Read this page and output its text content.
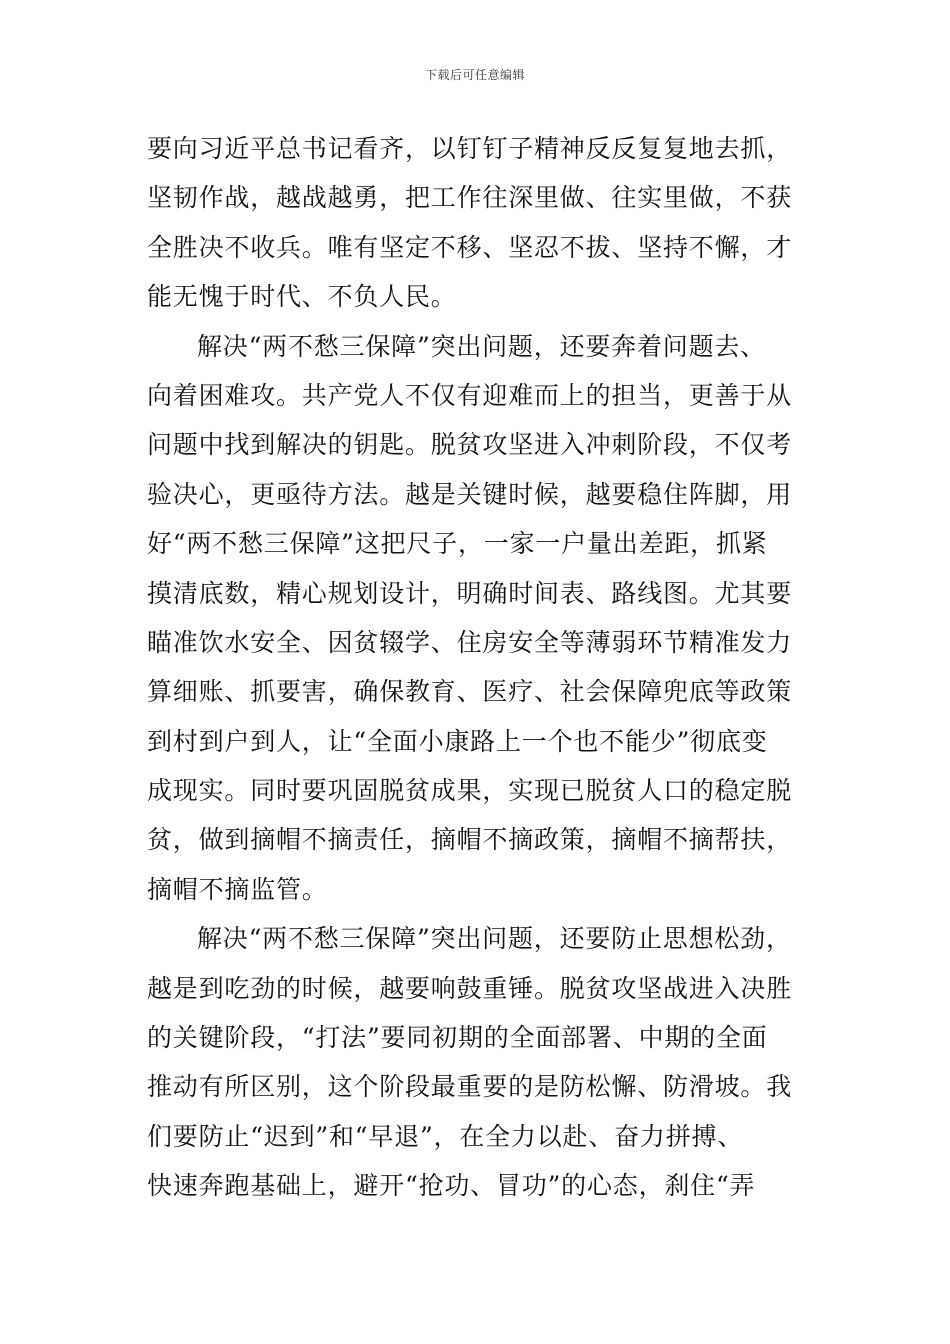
下载后可任意编辑
要向习近平总书记看齐，以钉钉子精神反反复复地去抓，
坚韧作战，越战越勇，把工作往深里做、往实里做，不获
全胜决不收兵。唯有坚定不移、坚忍不拔、坚持不懈，才
能无愧于时代、不负人民。
解决“两不愁三保障”突出问题，还要奔着问题去、
向着困难攻。共产党人不仅有迎难而上的担当，更善于从
问题中找到解决的钥匙。脱贫攻坚进入冲刺阶段，不仅考
验决心，更亟待方法。越是关键时候，越要稳住阵脚，用
好“两不愁三保障”这把尺子，一家一户量出差距，抓紧
摸清底数，精心规划设计，明确时间表、路线图。尤其要
瞄准饮水安全、因贫辍学、住房安全等薄弱环节精准发力
算细账、抓要害，确保教育、医疗、社会保障兜底等政策
到村到户到人，让“全面小康路上一个也不能少”彻底变
成现实。同时要巩固脱贫成果，实现已脱贫人口的稳定脱
贫，做到摘帽不摘责任，摘帽不摘政策，摘帽不摘帮扶，
摘帽不摘监管。
解决“两不愁三保障”突出问题，还要防止思想松劲，
越是到吃劲的时候，越要响鼓重锤。脱贫攻坚战进入决胜
的关键阶段，“打法”要同初期的全面部署、中期的全面
推动有所区别，这个阶段最重要的是防松懈、防滑坡。我
们要防止“迟到”和“早退”，在全力以赴、奋力拼搏、
快速奔跑基础上，避开“抢功、冒功”的心态，刹住“弄
